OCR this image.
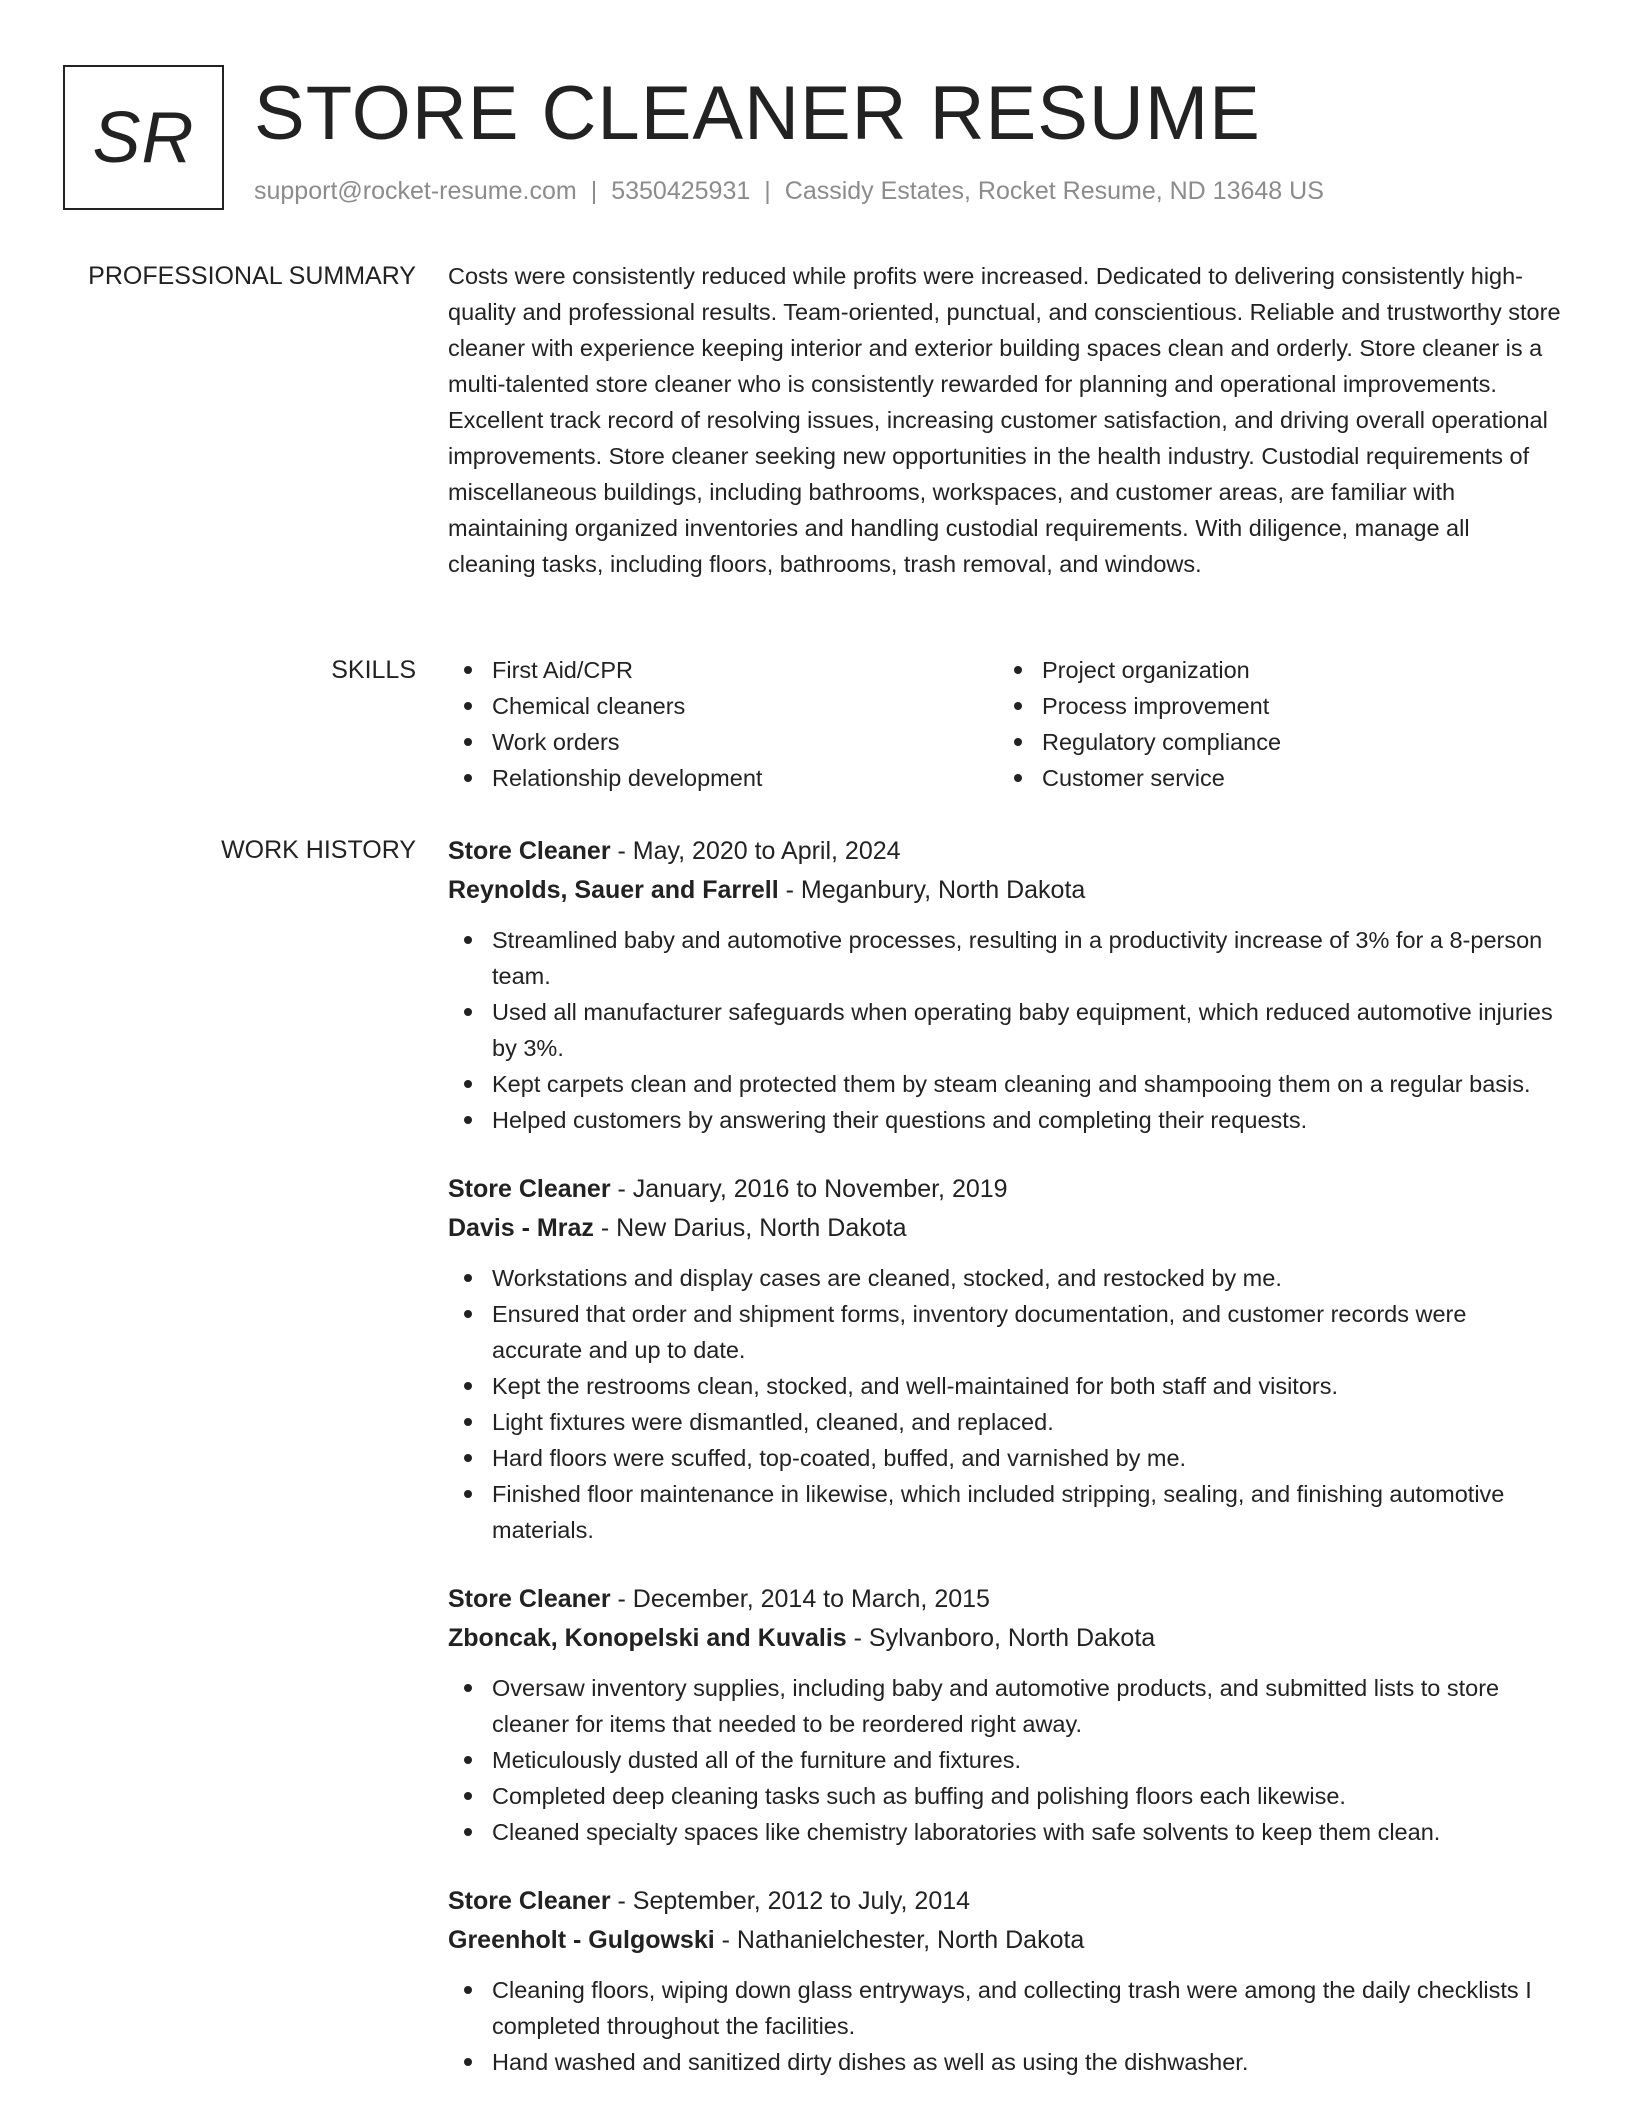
SR STORE CLEANER RESUME
support@rocket-resume.com | 5350425931 | Cassidy Estates, Rocket Resume, ND 13648 US
PROFESSIONAL SUMMARY Costs were consistently reduced while profits were increased. Dedicated to delivering consistently high-quality and professional results. Team-oriented, punctual, and conscientious. Reliable and trustworthy store cleaner with experience keeping interior and exterior building spaces clean and orderly. Store cleaner is a multi-talented store cleaner who is consistently rewarded for planning and operational improvements. Excellent track record of resolving issues, increasing customer satisfaction, and driving overall operational improvements. Store cleaner seeking new opportunities in the health industry. Custodial requirements of miscellaneous buildings, including bathrooms, workspaces, and customer areas, are familiar with maintaining organized inventories and handling custodial requirements. With diligence, manage all cleaning tasks, including floors, bathrooms, trash removal, and windows.

SKILLS	First Aid/CPR	Project organization
Chemical cleaners	Process improvement
Work orders	Regulatory compliance
Relationship development	Customer service
WORK HISTORY Store Cleaner - May, 2020 to April, 2024
Reynolds, Sauer and Farrell - Meganbury, North Dakota
Streamlined baby and automotive processes, resulting in a productivity increase of 3% for a 8-person team.
Used all manufacturer safeguards when operating baby equipment, which reduced automotive injuries by 3%.
Kept carpets clean and protected them by steam cleaning and shampooing them on a regular basis.
Helped customers by answering their questions and completing their requests.
Store Cleaner - January, 2016 to November, 2019
Davis - Mraz - New Darius, North Dakota
Workstations and display cases are cleaned, stocked, and restocked by me.
Ensured that order and shipment forms, inventory documentation, and customer records were accurate and up to date.
Kept the restrooms clean, stocked, and well-maintained for both staff and visitors.
Light fixtures were dismantled, cleaned, and replaced.
Hard floors were scuffed, top-coated, buffed, and varnished by me.
Finished floor maintenance in likewise, which included stripping, sealing, and finishing automotive materials.
Store Cleaner - December, 2014 to March, 2015
Zboncak, Konopelski and Kuvalis - Sylvanboro, North Dakota
Oversaw inventory supplies, including baby and automotive products, and submitted lists to store cleaner for items that needed to be reordered right away.
Meticulously dusted all of the furniture and fixtures.
Completed deep cleaning tasks such as buffing and polishing floors each likewise.
Cleaned specialty spaces like chemistry laboratories with safe solvents to keep them clean.
Store Cleaner - September, 2012 to July, 2014
Greenholt - Gulgowski - Nathanielchester, North Dakota
Cleaning floors, wiping down glass entryways, and collecting trash were among the daily checklists I completed throughout the facilities.
Hand washed and sanitized dirty dishes as well as using the dishwasher.
